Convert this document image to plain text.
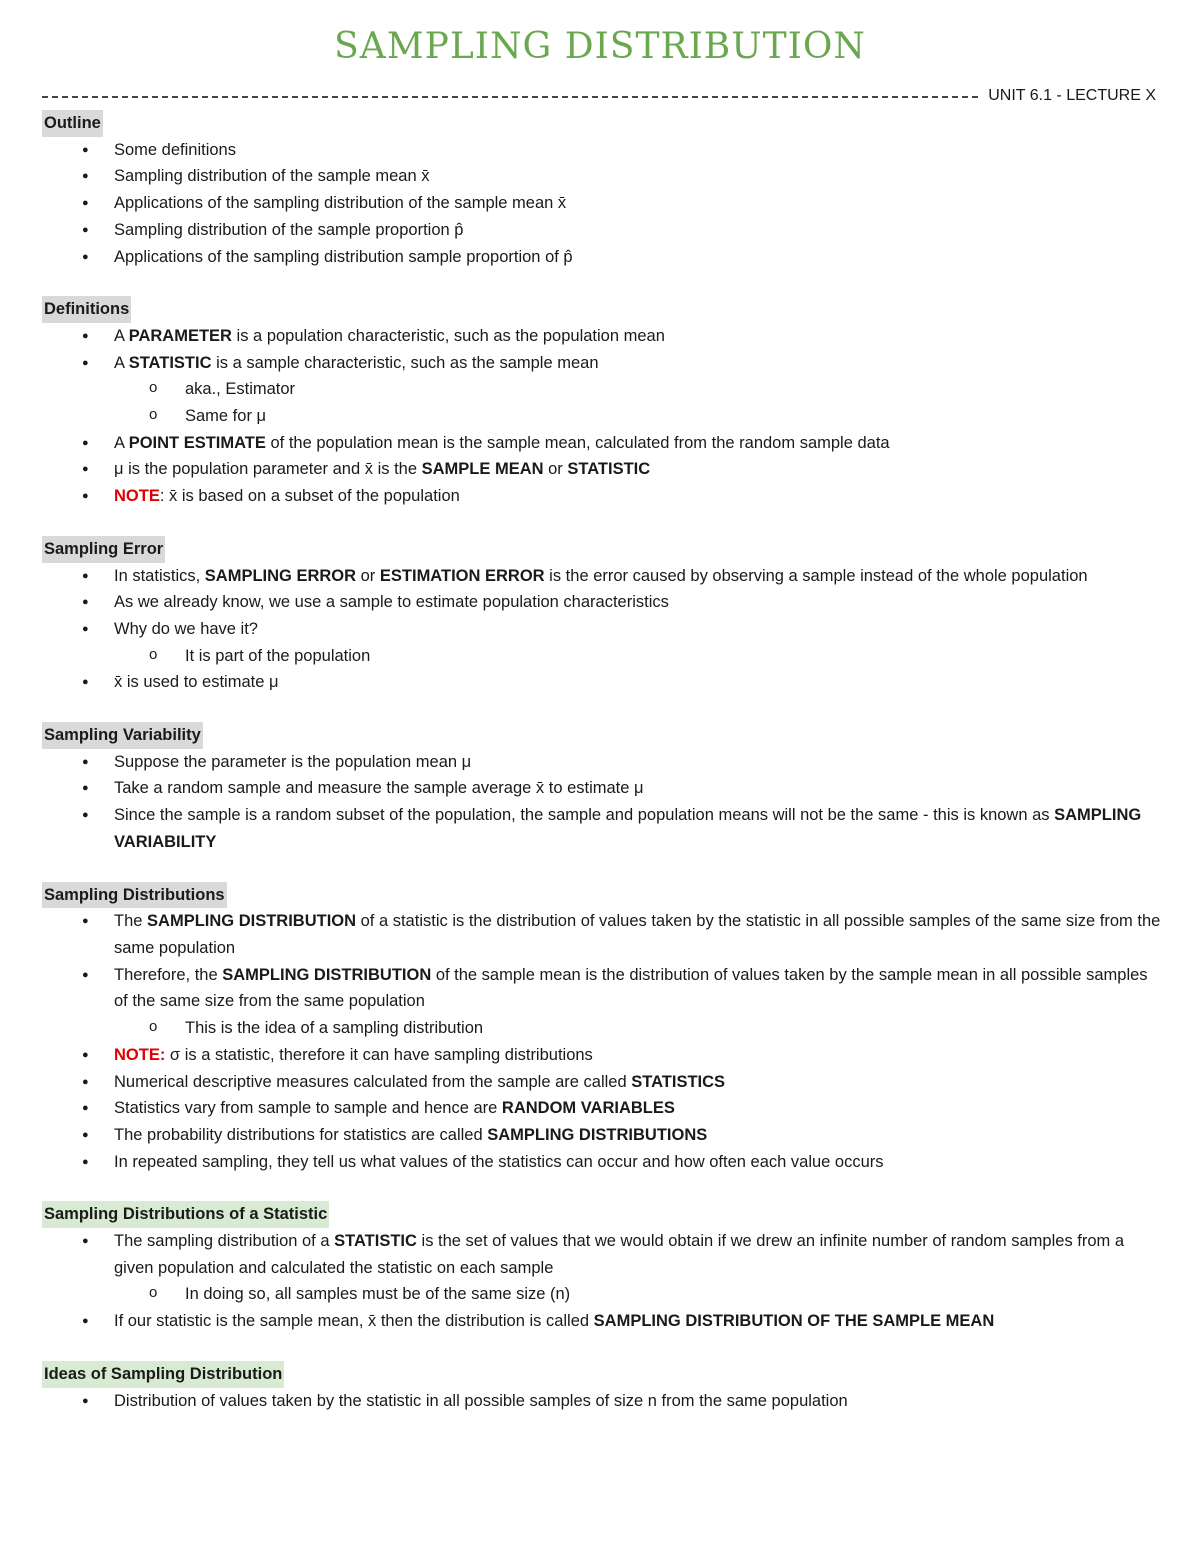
SAMPLING DISTRIBUTION
UNIT 6.1 - LECTURE X
Outline
● Some definitions
● Sampling distribution of the sample mean x̄
● Applications of the sampling distribution of the sample mean x̄
● Sampling distribution of the sample proportion p̂
● Applications of the sampling distribution sample proportion of p̂
Definitions
● A PARAMETER is a population characteristic, such as the population mean
● A STATISTIC is a sample characteristic, such as the sample mean
o aka., Estimator
o Same for μ
● A POINT ESTIMATE of the population mean is the sample mean, calculated from the random sample data
● μ is the population parameter and x̄ is the SAMPLE MEAN or STATISTIC
● NOTE: x̄ is based on a subset of the population
Sampling Error
● In statistics, SAMPLING ERROR or ESTIMATION ERROR is the error caused by observing a sample instead of the whole population
● As we already know, we use a sample to estimate population characteristics
● Why do we have it?
o It is part of the population
● x̄ is used to estimate μ
Sampling Variability
● Suppose the parameter is the population mean μ
● Take a random sample and measure the sample average x̄ to estimate μ
● Since the sample is a random subset of the population, the sample and population means will not be the same - this is known as SAMPLING VARIABILITY
Sampling Distributions
● The SAMPLING DISTRIBUTION of a statistic is the distribution of values taken by the statistic in all possible samples of the same size from the same population
● Therefore, the SAMPLING DISTRIBUTION of the sample mean is the distribution of values taken by the sample mean in all possible samples of the same size from the same population
o This is the idea of a sampling distribution
● NOTE: σ is a statistic, therefore it can have sampling distributions
● Numerical descriptive measures calculated from the sample are called STATISTICS
● Statistics vary from sample to sample and hence are RANDOM VARIABLES
● The probability distributions for statistics are called SAMPLING DISTRIBUTIONS
● In repeated sampling, they tell us what values of the statistics can occur and how often each value occurs
Sampling Distributions of a Statistic
● The sampling distribution of a STATISTIC is the set of values that we would obtain if we drew an infinite number of random samples from a given population and calculated the statistic on each sample
o In doing so, all samples must be of the same size (n)
● If our statistic is the sample mean, x̄ then the distribution is called SAMPLING DISTRIBUTION OF THE SAMPLE MEAN
Ideas of Sampling Distribution
● Distribution of values taken by the statistic in all possible samples of size n from the same population
